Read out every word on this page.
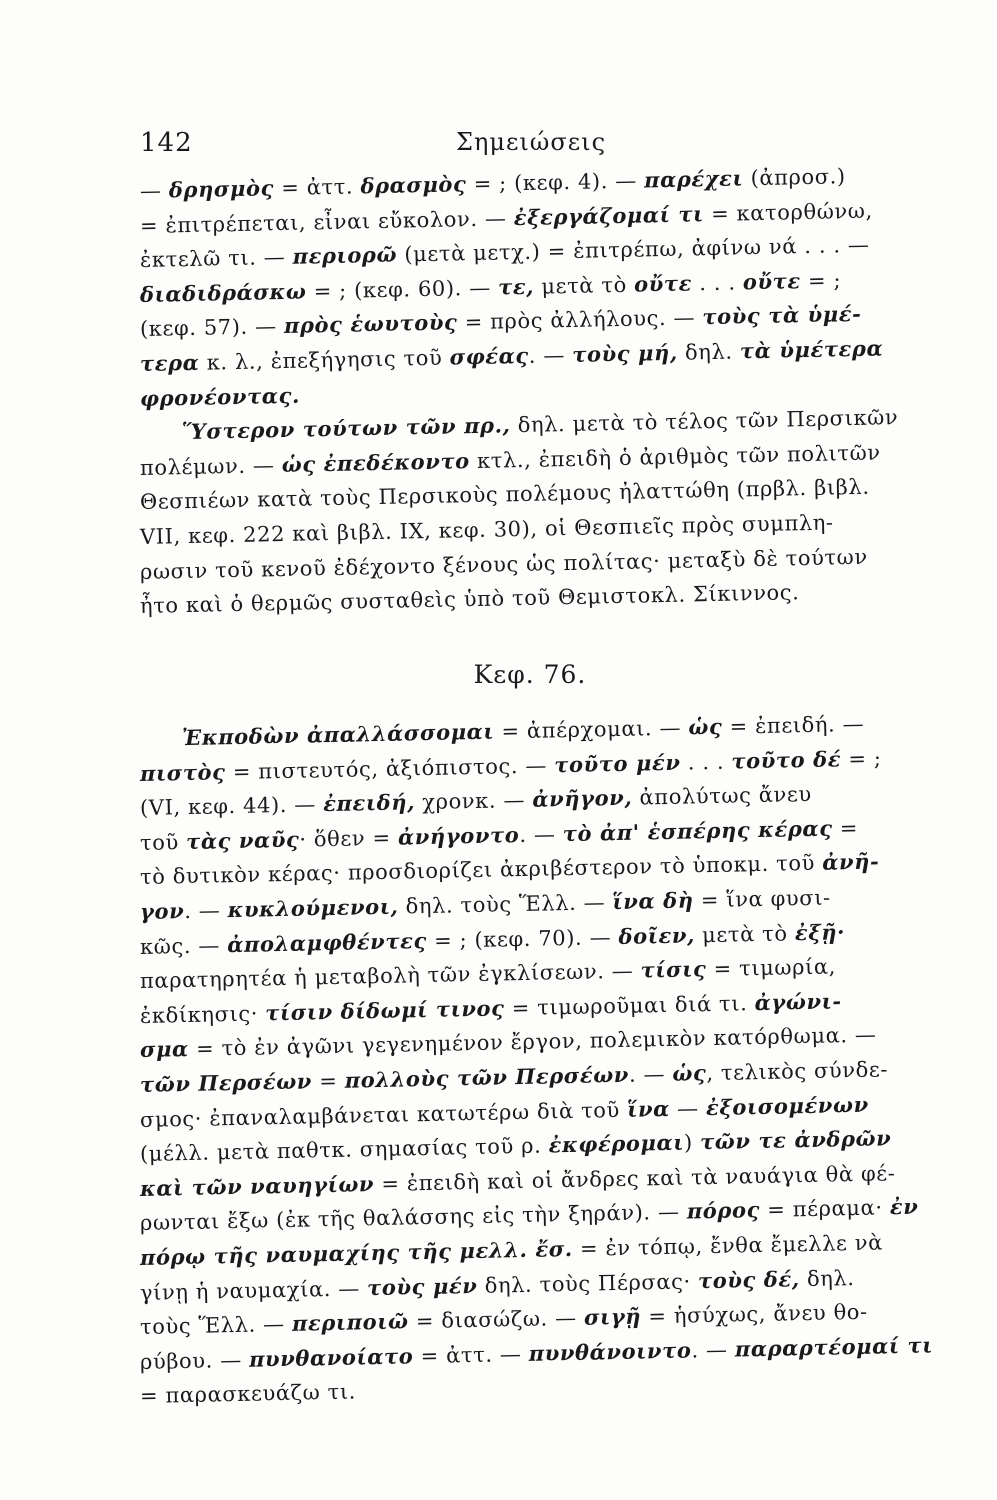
142	Σημειώσεις
— δρησμὸς = ἀττ. δρασμὸς = ; (κεφ. 4). — παρέχει (ἀπροσ.)
= ἐπιτρέπεται, εἶναι εὔκολον. — ἐξεργάζομαί τι = κατορθώνω,
ἐκτελῶ τι. — περιορῶ (μετὰ μετχ.) = ἐπιτρέπω, ἀφίνω νά . . . —
διαδιδράσκω = ; (κεφ. 60). — τε, μετὰ τὸ οὔτε . . . οὔτε = ;
(κεφ. 57). — πρὸς ἑωυτοὺς = πρὸς ἀλλήλους. — τοὺς τὰ ὑμέ-
τερα κ. λ., ἐπεξήγησις τοῦ σφέας. — τοὺς μή, δηλ. τὰ ὑμέτερα
φρονέοντας.
Ὕστερον τούτων τῶν πρ., δηλ. μετὰ τὸ τέλος τῶν Περσικῶν
πολέμων. — ὡς ἐπεδέκοντο κτλ., ἐπειδὴ ὁ ἀριθμὸς τῶν πολιτῶν
Θεσπιέων κατὰ τοὺς Περσικοὺς πολέμους ἠλαττώθη (πρβλ. βιβλ.
VII, κεφ. 222 καὶ βιβλ. IX, κεφ. 30), οἱ Θεσπιεῖς πρὸς συμπλη-
ρωσιν τοῦ κενοῦ ἐδέχοντο ξένους ὡς πολίτας· μεταξὺ δὲ τούτων
ἦτο καὶ ὁ θερμῶς συσταθεὶς ὑπὸ τοῦ Θεμιστοκλ. Σίκιννος.
Κεφ. 76.
Ἐκποδὼν ἀπαλλάσσομαι = ἀπέρχομαι. — ὡς = ἐπειδή. —
πιστὸς = πιστευτός, ἀξιόπιστος. — τοῦτο μέν . . . τοῦτο δέ = ;
(VI, κεφ. 44). — ἐπειδή, χρονκ. — ἀνῆγον, ἀπολύτως ἄνευ
τοῦ τὰς ναῦς· ὅθεν = ἀνήγοντο. — τὸ ἀπ' ἑσπέρης κέρας =
τὸ δυτικὸν κέρας· προσδιορίζει ἀκριβέστερον τὸ ὑποκμ. τοῦ ἀνῆ-
γον. — κυκλούμενοι, δηλ. τοὺς Ἕλλ. — ἵνα δὴ = ἵνα φυσι-
κῶς. — ἀπολαμφθέντες = ; (κεφ. 70). — δοῖεν, μετὰ τὸ ἐξῇ·
παρατηρητέα ἡ μεταβολὴ τῶν ἐγκλίσεων. — τίσις = τιμωρία,
ἐκδίκησις· τίσιν δίδωμί τινος = τιμωροῦμαι διά τι. ἀγώνι-
σμα = τὸ ἐν ἀγῶνι γεγενημένον ἔργον, πολεμικὸν κατόρθωμα. —
τῶν Περσέων = πολλοὺς τῶν Περσέων. — ὡς, τελικὸς σύνδε-
σμος· ἐπαναλαμβάνεται κατωτέρω διὰ τοῦ ἵνα — ἐξοισομένων
(μέλλ. μετὰ παθτκ. σημασίας τοῦ ρ. ἐκφέρομαι) τῶν τε ἀνδρῶν
καὶ τῶν ναυηγίων = ἐπειδὴ καὶ οἱ ἄνδρες καὶ τὰ ναυάγια θὰ φέ-
ρωνται ἔξω (ἐκ τῆς θαλάσσης εἰς τὴν ξηράν). — πόρος = πέραμα· ἐν
πόρῳ τῆς ναυμαχίης τῆς μελλ. ἔσ. = ἐν τόπῳ, ἔνθα ἔμελλε νὰ
γίνῃ ἡ ναυμαχία. — τοὺς μέν δηλ. τοὺς Πέρσας· τοὺς δέ, δηλ.
τοὺς Ἕλλ. — περιποιῶ = διασώζω. — σιγῇ = ἡσύχως, ἄνευ θο-
ρύβου. — πυνθανοίατο = ἀττ. — πυνθάνοιντο. — παραρτέομαί τι
= παρασκευάζω τι.
